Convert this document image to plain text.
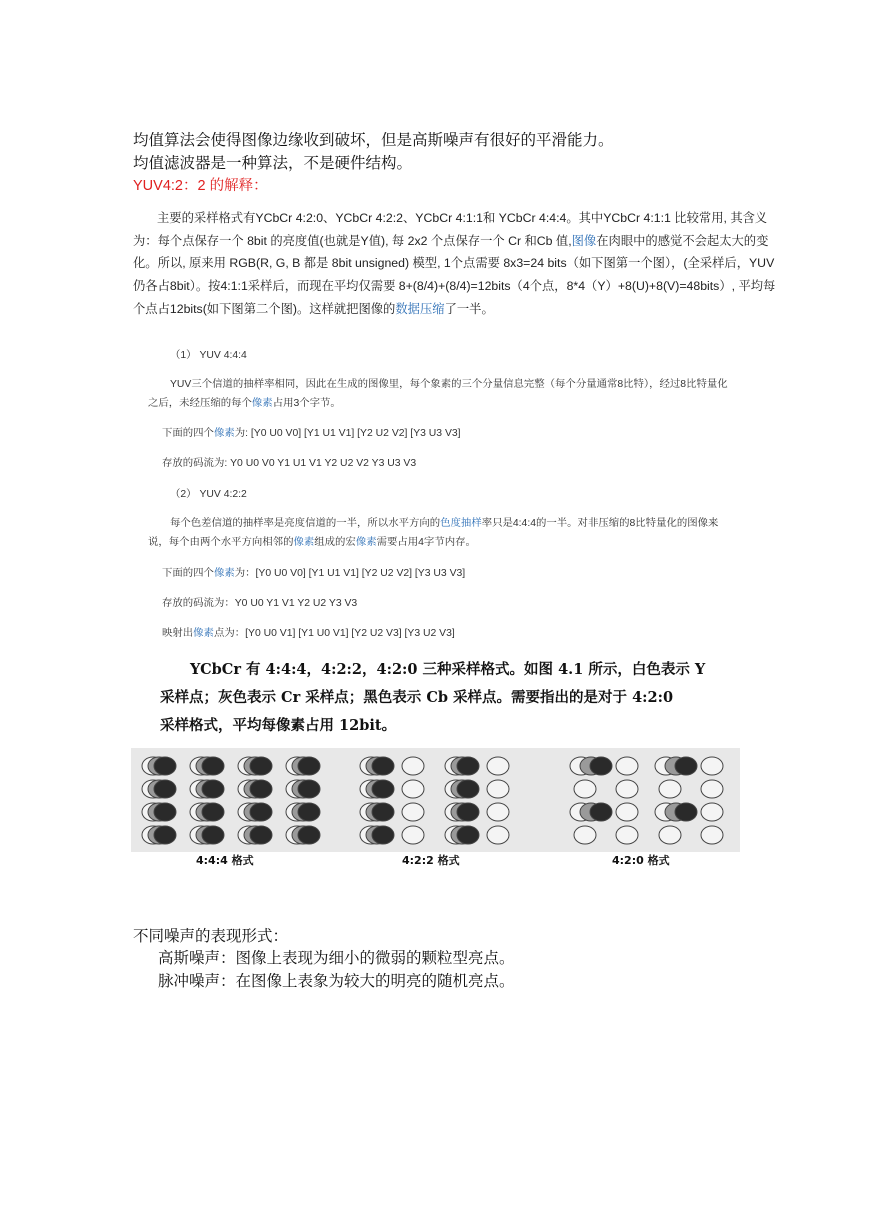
均值算法会使得图像边缘收到破坏，但是高斯噪声有很好的平滑能力。
均值滤波器是一种算法，不是硬件结构。
YUV4:2：2 的解释：
主要的采样格式有YCbCr 4:2:0、YCbCr 4:2:2、YCbCr 4:1:1和 YCbCr 4:4:4。其中YCbCr 4:1:1 比较常用, 其含义为：每个点保存一个 8bit 的亮度值(也就是Y值), 每 2x2 个点保存一个 Cr 和Cb 值,图像在肉眼中的感觉不会起太大的变化。所以, 原来用 RGB(R, G, B 都是 8bit unsigned) 模型, 1个点需要 8x3=24 bits（如下图第一个图），(全采样后，YUV仍各占8bit）。按4:1:1采样后，而现在平均仅需要 8+(8/4)+(8/4)=12bits（4个点，8*4（Y）+8(U)+8(V)=48bits）, 平均每个点占12bits(如下图第二个图)。这样就把图像的数据压缩了一半。
（1） YUV 4:4:4
YUV三个信道的抽样率相同，因此在生成的图像里，每个象素的三个分量信息完整（每个分量通常8比特），经过8比特量化
之后，未经压缩的每个像素占用3个字节。
下面的四个像素为: [Y0 U0 V0] [Y1 U1 V1] [Y2 U2 V2] [Y3 U3 V3]
存放的码流为: Y0 U0 V0 Y1 U1 V1 Y2 U2 V2 Y3 U3 V3
（2） YUV 4:2:2
每个色差信道的抽样率是亮度信道的一半，所以水平方向的色度抽样率只是4:4:4的一半。对非压缩的8比特量化的图像来
说，每个由两个水平方向相邻的像素组成的宏像素需要占用4字节内存。
下面的四个像素为：[Y0 U0 V0] [Y1 U1 V1] [Y2 U2 V2] [Y3 U3 V3]
存放的码流为：Y0 U0 Y1 V1 Y2 U2 Y3 V3
映射出像素点为：[Y0 U0 V1] [Y1 U0 V1] [Y2 U2 V3] [Y3 U2 V3]
YCbCr 有 4:4:4，4:2:2，4:2:0 三种采样格式。如图 4.1 所示，白色表示 Y
采样点；灰色表示 Cr 采样点；黑色表示 Cb 采样点。需要指出的是对于 4:2:0
采样格式，平均每像素占用 12bit。
4:4:4 格式	4:2:2 格式	4:2:0 格式
不同噪声的表现形式：
高斯噪声：图像上表现为细小的微弱的颗粒型亮点。
脉冲噪声：在图像上表象为较大的明亮的随机亮点。
